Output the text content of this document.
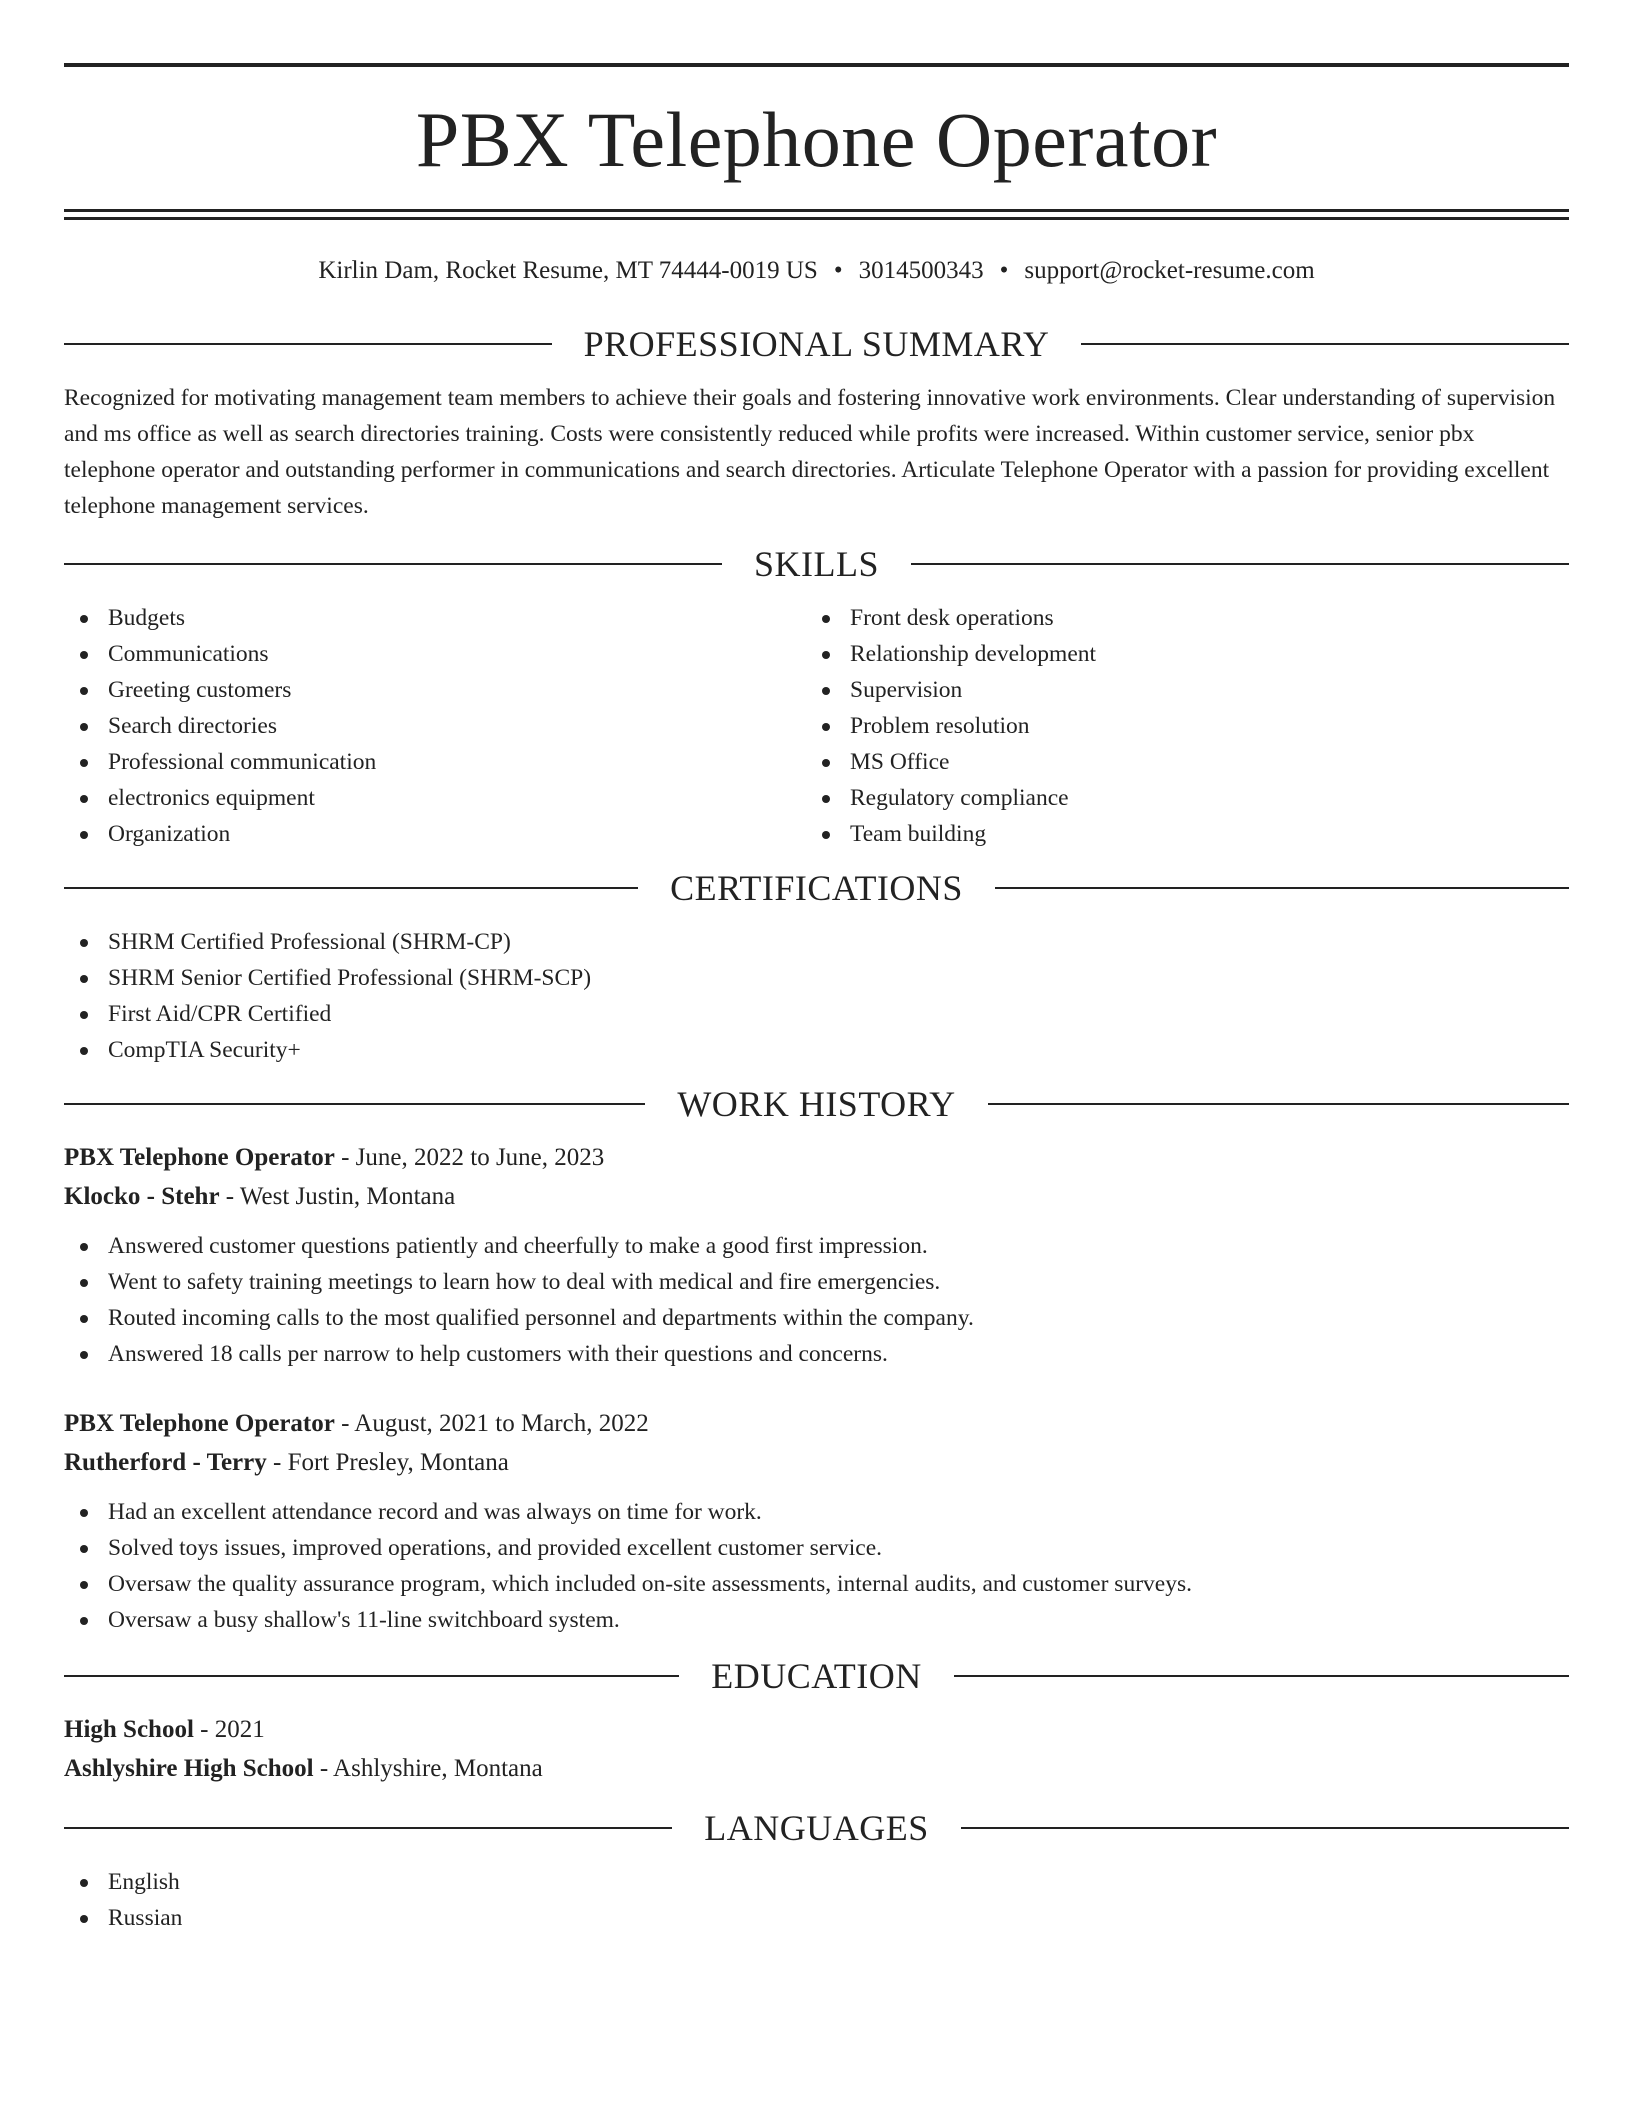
PBX Telephone Operator
Kirlin Dam, Rocket Resume, MT 74444-0019 US • 3014500343 • support@rocket-resume.com
PROFESSIONAL SUMMARY

Recognized for motivating management team members to achieve their goals and fostering innovative work environments. Clear understanding of supervision and ms office as well as search directories training. Costs were consistently reduced while profits were increased. Within customer service, senior pbx telephone operator and outstanding performer in communications and search directories. Articulate Telephone Operator with a passion for providing excellent telephone management services.

SKILLS
Budgets
Communications
Greeting customers
Search directories
Professional communication
electronics equipment
Organization
Front desk operations
Relationship development
Supervision
Problem resolution
MS Office
Regulatory compliance
Team building
CERTIFICATIONS
SHRM Certified Professional (SHRM-CP)
SHRM Senior Certified Professional (SHRM-SCP)
First Aid/CPR Certified
CompTIA Security+
WORK HISTORY
PBX Telephone Operator - June, 2022 to June, 2023
Klocko - Stehr - West Justin, Montana
Answered customer questions patiently and cheerfully to make a good first impression.
Went to safety training meetings to learn how to deal with medical and fire emergencies.
Routed incoming calls to the most qualified personnel and departments within the company.
Answered 18 calls per narrow to help customers with their questions and concerns.
PBX Telephone Operator - August, 2021 to March, 2022
Rutherford - Terry - Fort Presley, Montana
Had an excellent attendance record and was always on time for work.
Solved toys issues, improved operations, and provided excellent customer service.
Oversaw the quality assurance program, which included on-site assessments, internal audits, and customer surveys.
Oversaw a busy shallow's 11-line switchboard system.
EDUCATION
High School - 2021
Ashlyshire High School - Ashlyshire, Montana
LANGUAGES
English
Russian
